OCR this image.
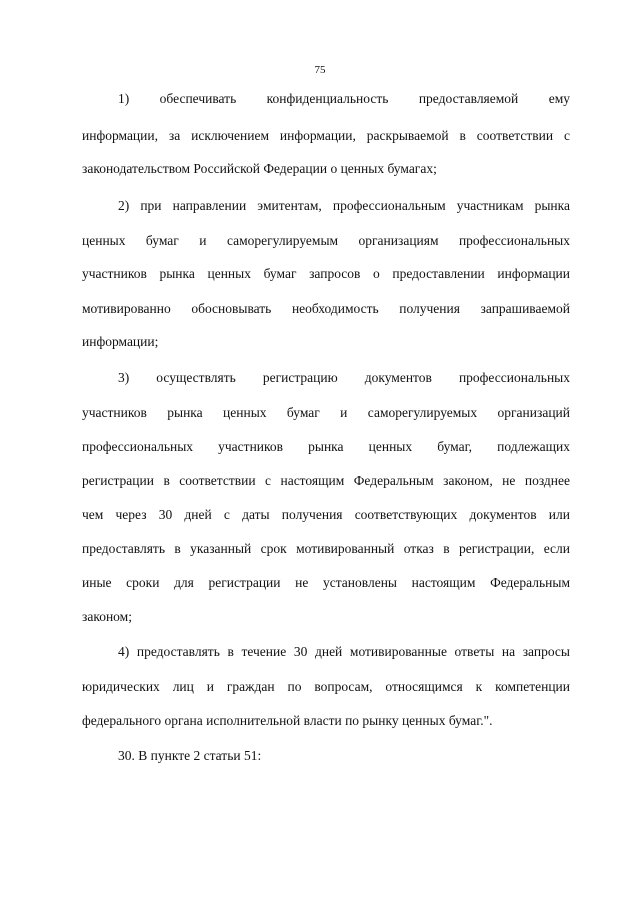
75
1) обеспечивать конфиденциальность предоставляемой ему
информации, за исключением информации, раскрываемой в соответствии с
законодательством Российской Федерации о ценных бумагах;
2) при направлении эмитентам, профессиональным участникам рынка
ценных бумаг и саморегулируемым организациям профессиональных
участников рынка ценных бумаг запросов о предоставлении информации
мотивированно обосновывать необходимость получения запрашиваемой
информации;
3) осуществлять регистрацию документов профессиональных
участников рынка ценных бумаг и саморегулируемых организаций
профессиональных участников рынка ценных бумаг, подлежащих
регистрации в соответствии с настоящим Федеральным законом, не позднее
чем через 30 дней с даты получения соответствующих документов или
предоставлять в указанный срок мотивированный отказ в регистрации, если
иные сроки для регистрации не установлены настоящим Федеральным
законом;
4) предоставлять в течение 30 дней мотивированные ответы на запросы
юридических лиц и граждан по вопросам, относящимся к компетенции
федерального органа исполнительной власти по рынку ценных бумаг.".
30. В пункте 2 статьи 51:
